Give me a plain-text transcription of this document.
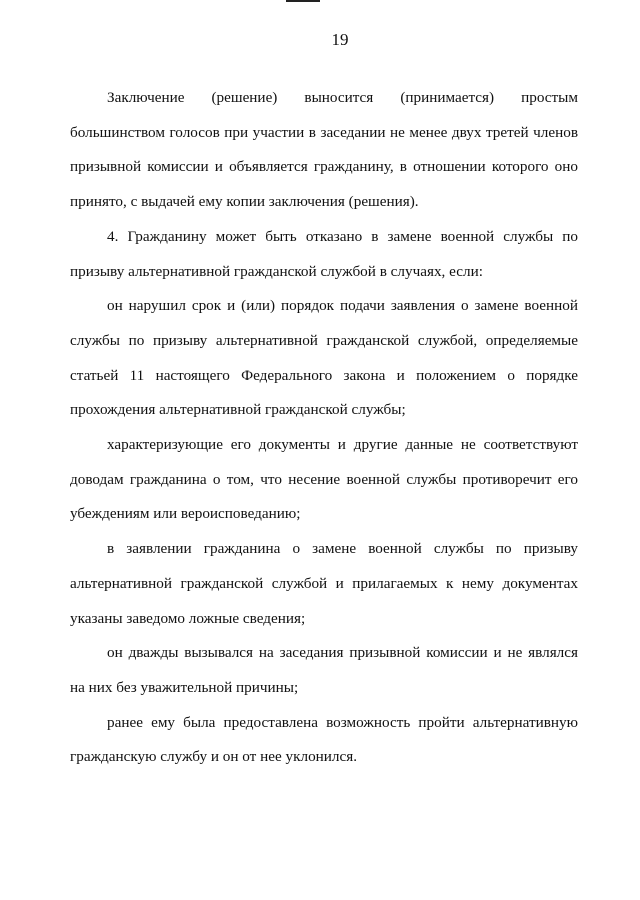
19

Заключение (решение) выносится (принимается) простым большинством голосов при участии в заседании не менее двух третей членов призывной комиссии и объявляется гражданину, в отношении которого оно принято, с выдачей ему копии заключения (решения).

4. Гражданину может быть отказано в замене военной службы по призыву альтернативной гражданской службой в случаях, если:

он нарушил срок и (или) порядок подачи заявления о замене военной службы по призыву альтернативной гражданской службой, определяемые статьей 11 настоящего Федерального закона и положением о порядке прохождения альтернативной гражданской службы;

характеризующие его документы и другие данные не соответствуют доводам гражданина о том, что несение военной службы противоречит его убеждениям или вероисповеданию;

в заявлении гражданина о замене военной службы по призыву альтернативной гражданской службой и прилагаемых к нему документах указаны заведомо ложные сведения;

он дважды вызывался на заседания призывной комиссии и не являлся на них без уважительной причины;

ранее ему была предоставлена возможность пройти альтернативную гражданскую службу и он от нее уклонился.
